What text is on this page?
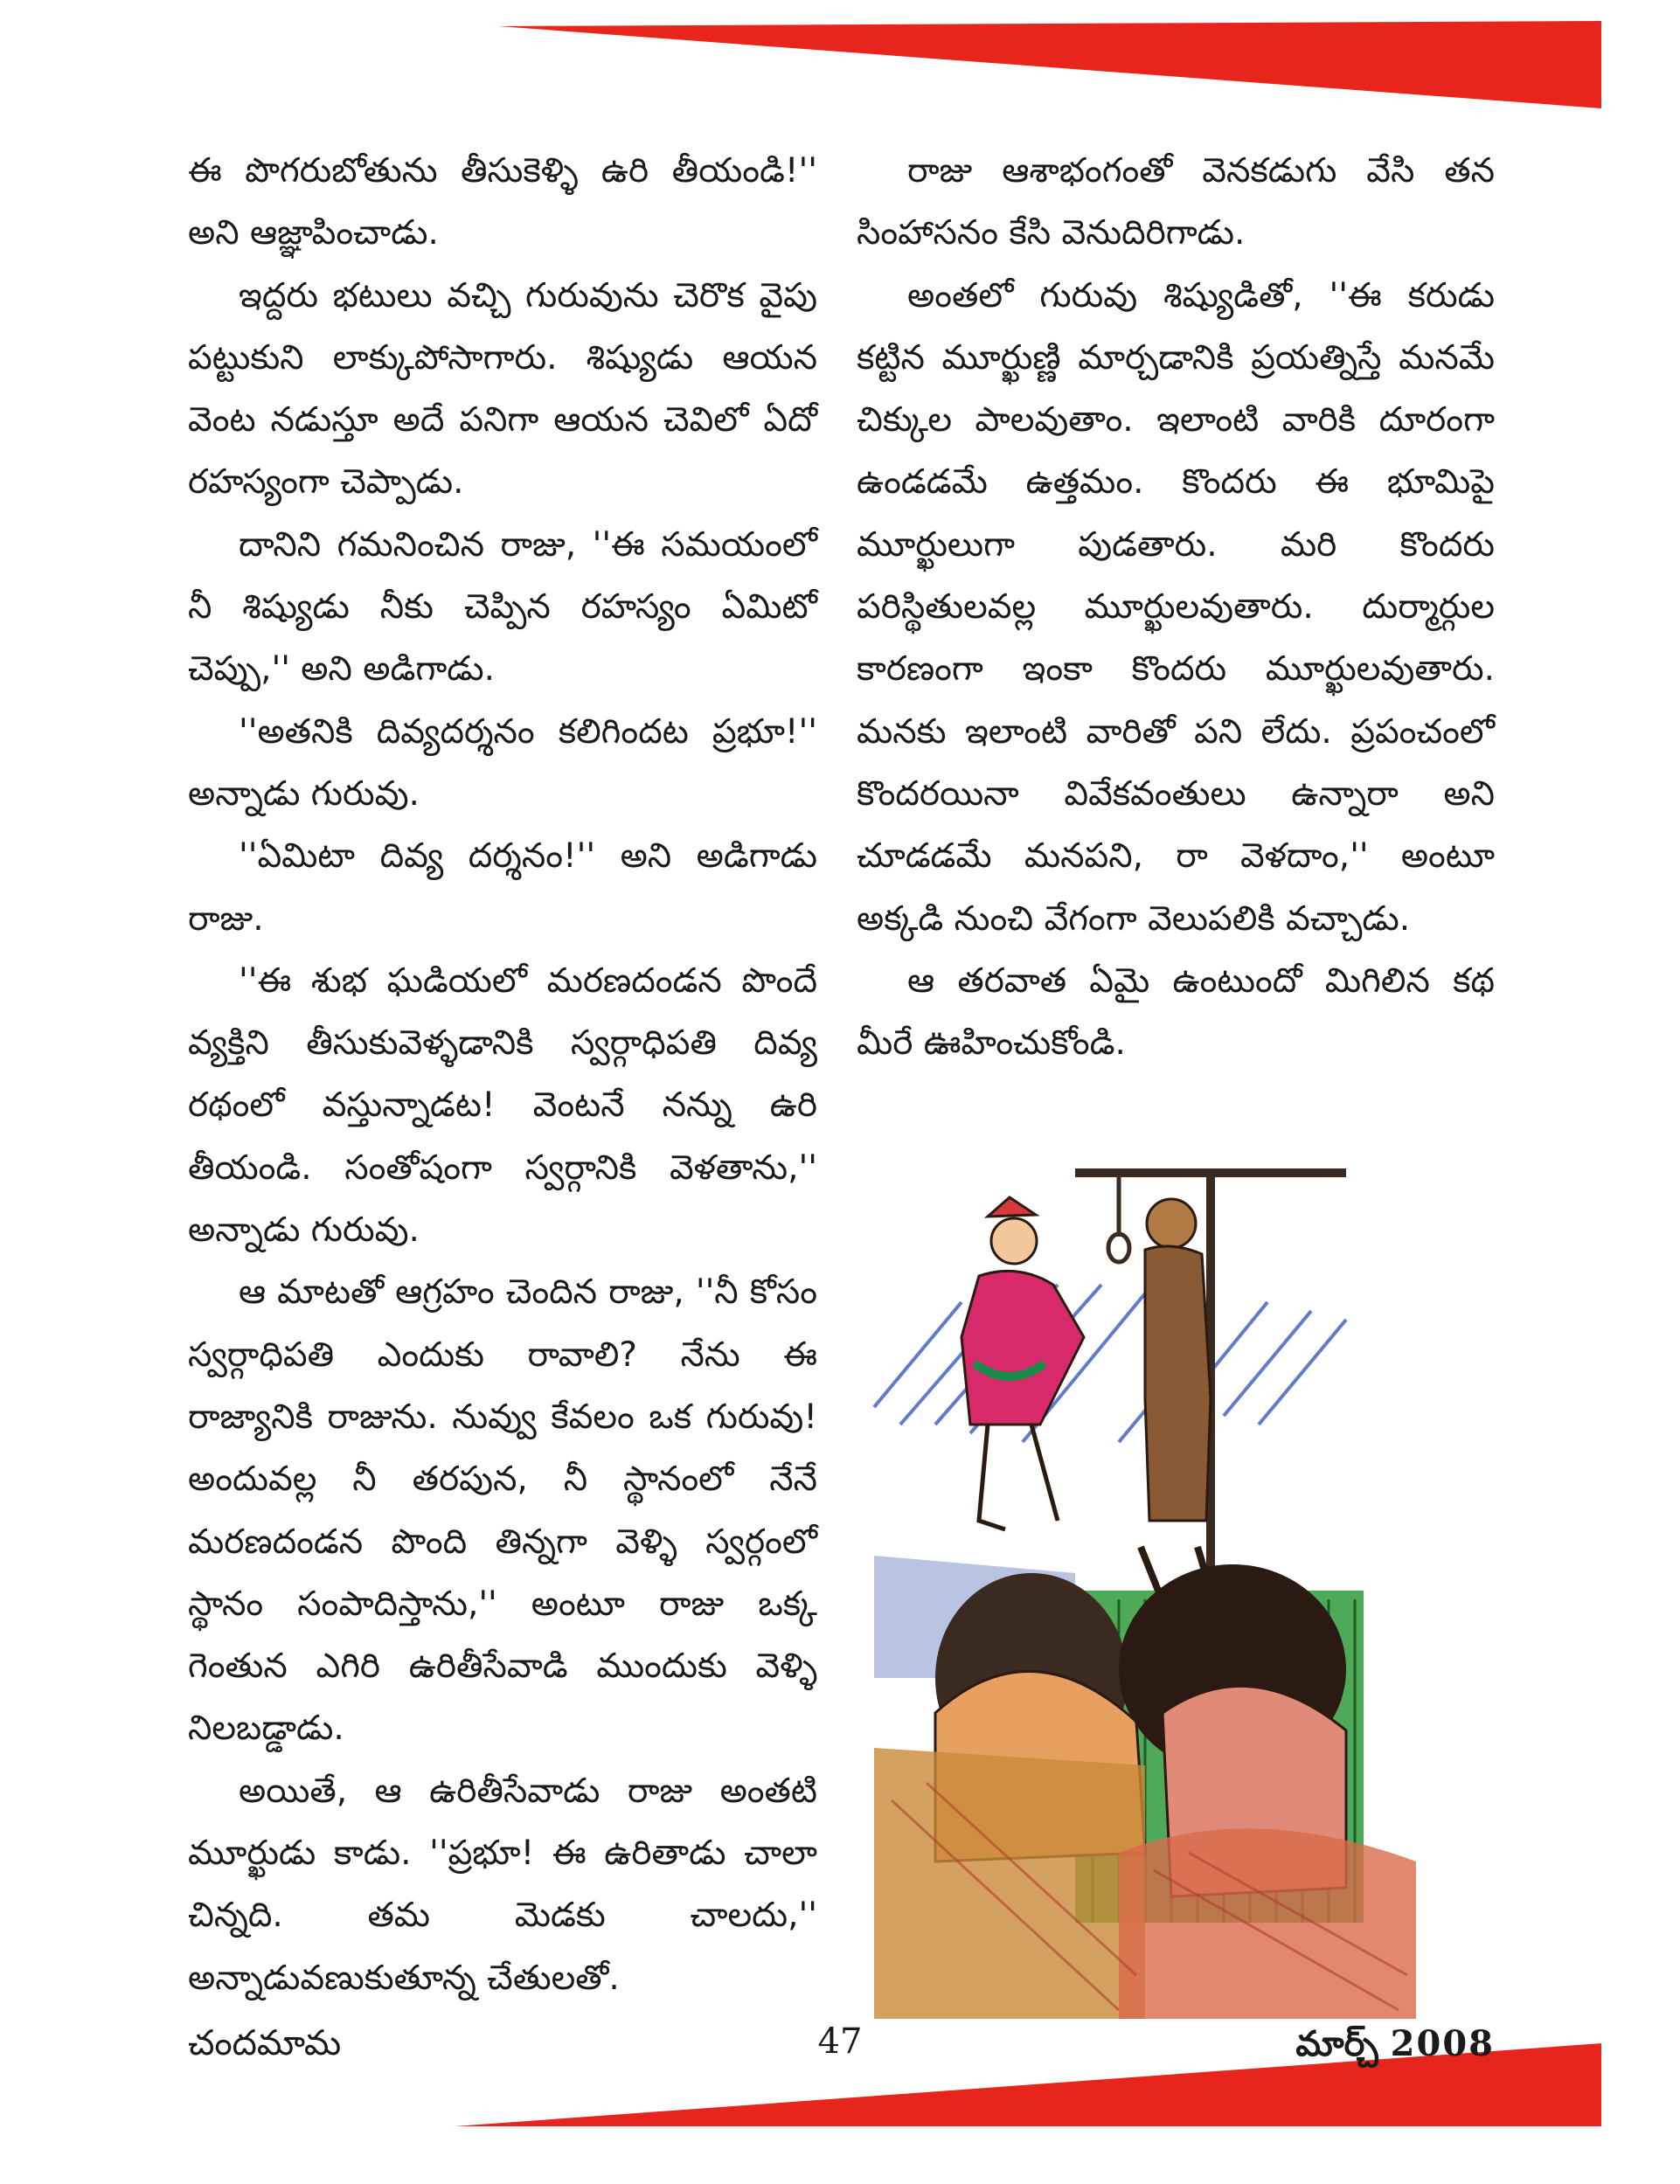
ఈ పొగరుబోతును తీసుకెళ్ళి ఉరి తీయండి!'' అని ఆజ్ఞాపించాడు.

ఇద్దరు భటులు వచ్చి గురువును చెరొక వైపు పట్టుకుని లాక్కుపోసాగారు. శిష్యుడు ఆయన వెంట నడుస్తూ అదే పనిగా ఆయన చెవిలో ఏదో రహస్యంగా చెప్పాడు.

దానిని గమనించిన రాజు, ''ఈ సమయంలో నీ శిష్యుడు నీకు చెప్పిన రహస్యం ఏమిటో చెప్పు,'' అని అడిగాడు.

''అతనికి దివ్యదర్శనం కలిగిందట ప్రభూ!'' అన్నాడు గురువు.

''ఏమిటా దివ్య దర్శనం!'' అని అడిగాడు రాజు.

''ఈ శుభ ఘడియలో మరణదండన పొందే వ్యక్తిని తీసుకువెళ్ళడానికి స్వర్గాధిపతి దివ్య రథంలో వస్తున్నాడట! వెంటనే నన్ను ఉరి తీయండి. సంతోషంగా స్వర్గానికి వెళతాను,'' అన్నాడు గురువు.

ఆ మాటతో ఆగ్రహం చెందిన రాజు, ''నీ కోసం స్వర్గాధిపతి ఎందుకు రావాలి? నేను ఈ రాజ్యానికి రాజును. నువ్వు కేవలం ఒక గురువు! అందువల్ల నీ తరపున, నీ స్థానంలో నేనే మరణదండన పొంది తిన్నగా వెళ్ళి స్వర్గంలో స్థానం సంపాదిస్తాను,'' అంటూ రాజు ఒక్క గెంతున ఎగిరి ఉరితీసేవాడి ముందుకు వెళ్ళి నిలబడ్డాడు.

అయితే, ఆ ఉరితీసేవాడు రాజు అంతటి మూర్ఖుడు కాడు. ''ప్రభూ! ఈ ఉరితాడు చాలా చిన్నది. తమ మెడకు చాలదు,'' అన్నాడువణుకుతూన్న చేతులతో.

రాజు ఆశాభంగంతో వెనకడుగు వేసి తన సింహాసనం కేసి వెనుదిరిగాడు.

అంతలో గురువు శిష్యుడితో, ''ఈ కరుడు కట్టిన మూర్ఖుణ్ణి మార్చడానికి ప్రయత్నిస్తే మనమే చిక్కుల పాలవుతాం. ఇలాంటి వారికి దూరంగా ఉండడమే ఉత్తమం. కొందరు ఈ భూమిపై మూర్ఖులుగా పుడతారు. మరి కొందరు పరిస్థితులవల్ల మూర్ఖులవుతారు. దుర్మార్గుల కారణంగా ఇంకా కొందరు మూర్ఖులవుతారు. మనకు ఇలాంటి వారితో పని లేదు. ప్రపంచంలో కొందరయినా వివేకవంతులు ఉన్నారా అని చూడడమే మనపని, రా వెళదాం,'' అంటూ అక్కడి నుంచి వేగంగా వెలుపలికి వచ్చాడు.

ఆ తరవాత ఏమై ఉంటుందో మిగిలిన కథ మీరే ఊహించుకోండి.

చందమామ	47	మార్చ్ 2008
